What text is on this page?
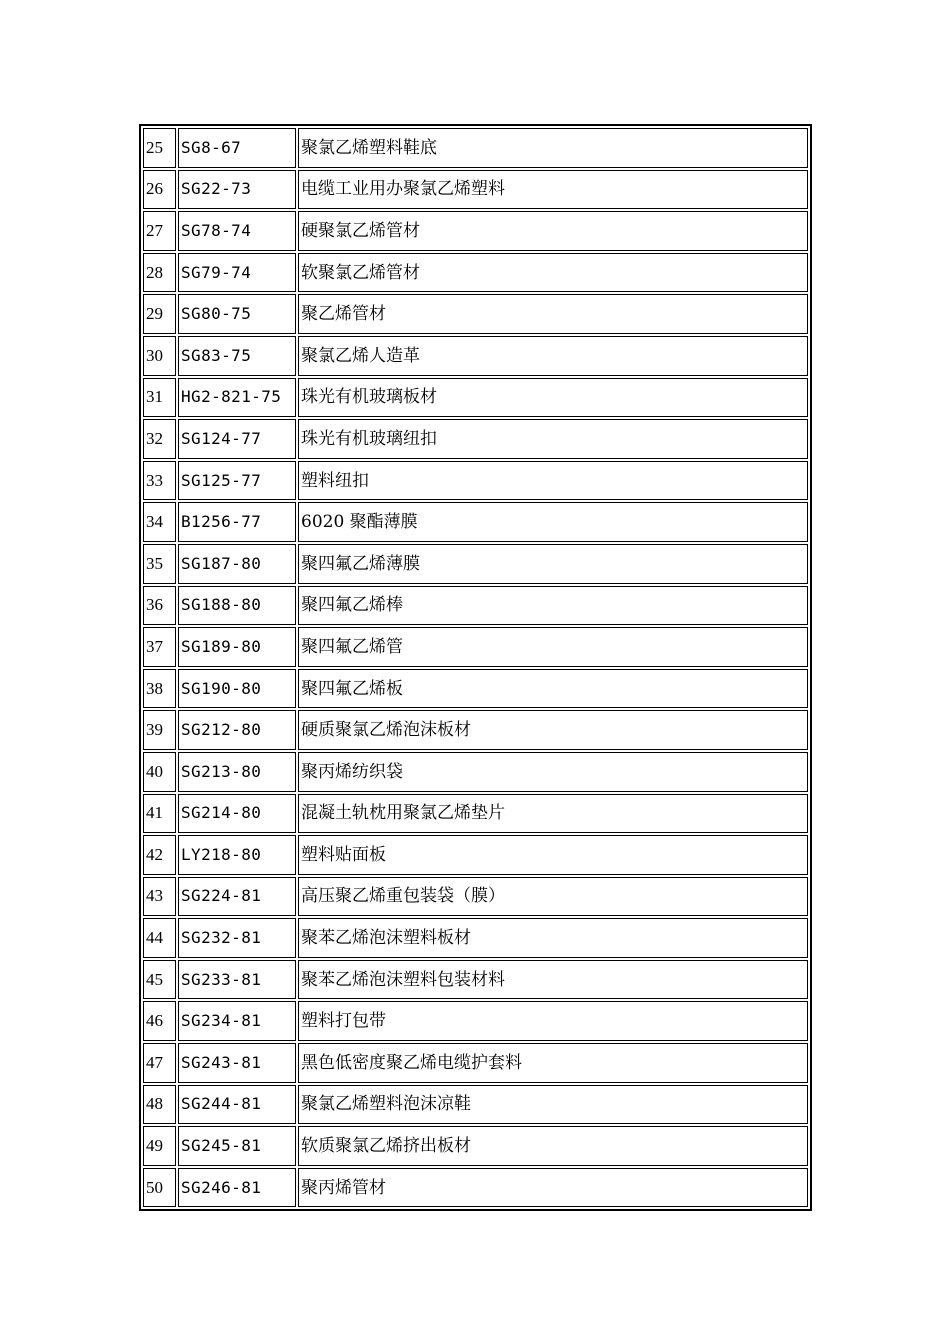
25	SG8-67	聚氯乙烯塑料鞋底
26	SG22-73	电缆工业用办聚氯乙烯塑料
27	SG78-74	硬聚氯乙烯管材
28	SG79-74	软聚氯乙烯管材
29	SG80-75	聚乙烯管材
30	SG83-75	聚氯乙烯人造革
31	HG2-821-75	珠光有机玻璃板材
32	SG124-77	珠光有机玻璃纽扣
33	SG125-77	塑料纽扣
34	B1256-77	6020 聚酯薄膜
35	SG187-80	聚四氟乙烯薄膜
36	SG188-80	聚四氟乙烯棒
37	SG189-80	聚四氟乙烯管
38	SG190-80	聚四氟乙烯板
39	SG212-80	硬质聚氯乙烯泡沫板材
40	SG213-80	聚丙烯纺织袋
41	SG214-80	混凝土轨枕用聚氯乙烯垫片
42	LY218-80	塑料贴面板
43	SG224-81	高压聚乙烯重包装袋（膜）
44	SG232-81	聚苯乙烯泡沫塑料板材
45	SG233-81	聚苯乙烯泡沫塑料包装材料
46	SG234-81	塑料打包带
47	SG243-81	黑色低密度聚乙烯电缆护套料
48	SG244-81	聚氯乙烯塑料泡沫凉鞋
49	SG245-81	软质聚氯乙烯挤出板材
50	SG246-81	聚丙烯管材
